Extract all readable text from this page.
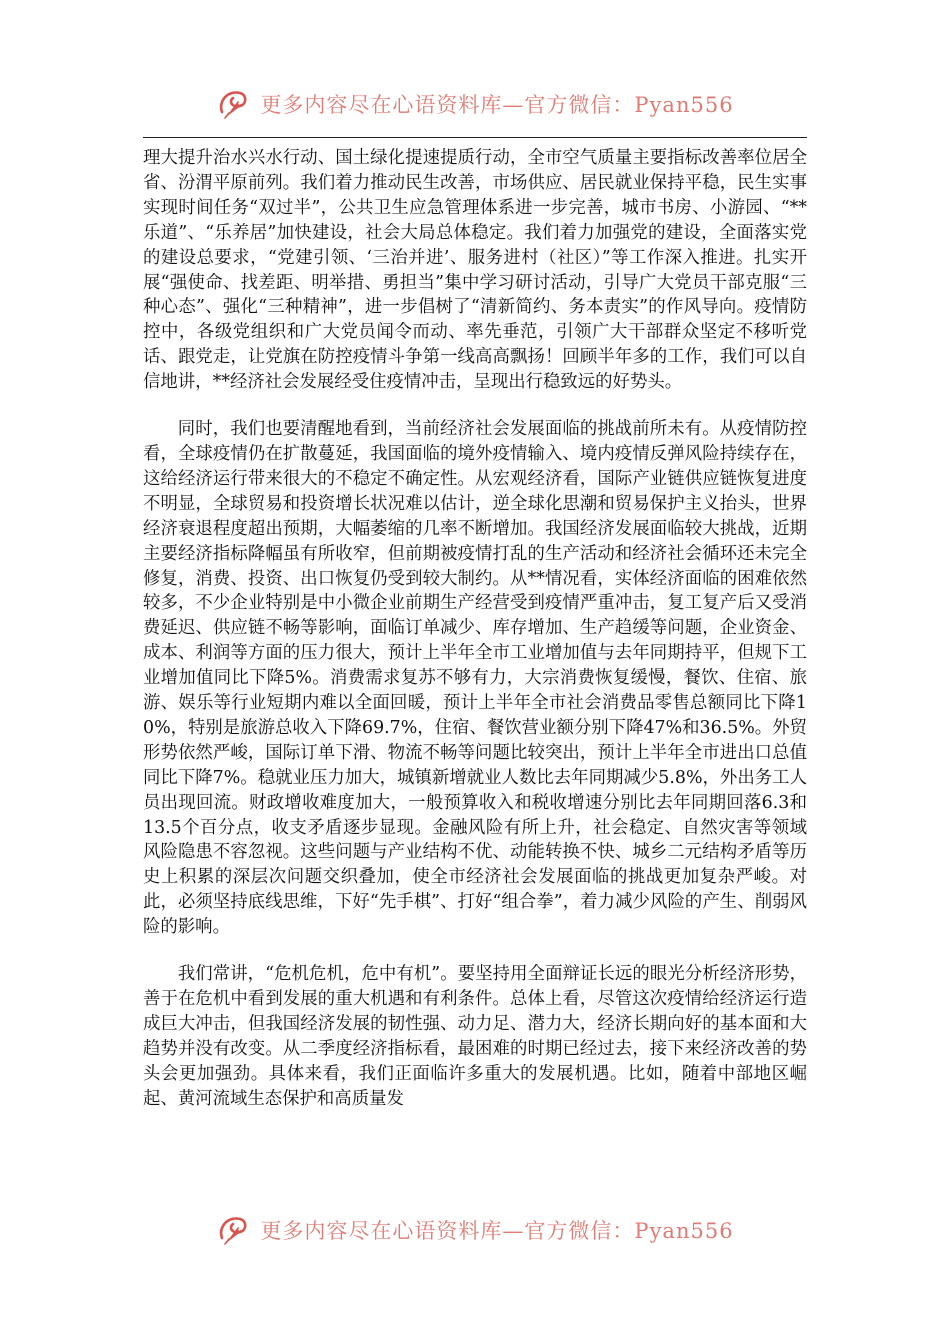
更多内容尽在心语资料库—官方微信：Pyan556

理大提升治水兴水行动、国土绿化提速提质行动，全市空气质量主要指标改善率位居全省、汾渭平原前列。我们着力推动民生改善，市场供应、居民就业保持平稳，民生实事实现时间任务“双过半”，公共卫生应急管理体系进一步完善，城市书房、小游园、“**乐道”、“乐养居”加快建设，社会大局总体稳定。我们着力加强党的建设，全面落实党的建设总要求，“党建引领、‘三治并进’、服务进村（社区）”等工作深入推进。扎实开展“强使命、找差距、明举措、勇担当”集中学习研讨活动，引导广大党员干部克服“三种心态”、强化“三种精神”，进一步倡树了“清新简约、务本责实”的作风导向。疫情防控中，各级党组织和广大党员闻令而动、率先垂范，引领广大干部群众坚定不移听党话、跟党走，让党旗在防控疫情斗争第一线高高飘扬！回顾半年多的工作，我们可以自信地讲，**经济社会发展经受住疫情冲击，呈现出行稳致远的好势头。

同时，我们也要清醒地看到，当前经济社会发展面临的挑战前所未有。从疫情防控看，全球疫情仍在扩散蔓延，我国面临的境外疫情输入、境内疫情反弹风险持续存在，这给经济运行带来很大的不稳定不确定性。从宏观经济看，国际产业链供应链恢复进度不明显，全球贸易和投资增长状况难以估计，逆全球化思潮和贸易保护主义抬头，世界经济衰退程度超出预期，大幅萎缩的几率不断增加。我国经济发展面临较大挑战，近期主要经济指标降幅虽有所收窄，但前期被疫情打乱的生产活动和经济社会循环还未完全修复，消费、投资、出口恢复仍受到较大制约。从**情况看，实体经济面临的困难依然较多，不少企业特别是中小微企业前期生产经营受到疫情严重冲击，复工复产后又受消费延迟、供应链不畅等影响，面临订单减少、库存增加、生产趋缓等问题，企业资金、成本、利润等方面的压力很大，预计上半年全市工业增加值与去年同期持平，但规下工业增加值同比下降5%。消费需求复苏不够有力，大宗消费恢复缓慢，餐饮、住宿、旅游、娱乐等行业短期内难以全面回暖，预计上半年全市社会消费品零售总额同比下降10%，特别是旅游总收入下降69.7%，住宿、餐饮营业额分别下降47%和36.5%。外贸形势依然严峻，国际订单下滑、物流不畅等问题比较突出，预计上半年全市进出口总值同比下降7%。稳就业压力加大，城镇新增就业人数比去年同期减少5.8%，外出务工人员出现回流。财政增收难度加大，一般预算收入和税收增速分别比去年同期回落6.3和13.5个百分点，收支矛盾逐步显现。金融风险有所上升，社会稳定、自然灾害等领域风险隐患不容忽视。这些问题与产业结构不优、动能转换不快、城乡二元结构矛盾等历史上积累的深层次问题交织叠加，使全市经济社会发展面临的挑战更加复杂严峻。对此，必须坚持底线思维，下好“先手棋”、打好“组合拳”，着力减少风险的产生、削弱风险的影响。

我们常讲，“危机危机，危中有机”。要坚持用全面辩证长远的眼光分析经济形势，善于在危机中看到发展的重大机遇和有利条件。总体上看，尽管这次疫情给经济运行造成巨大冲击，但我国经济发展的韧性强、动力足、潜力大，经济长期向好的基本面和大趋势并没有改变。从二季度经济指标看，最困难的时期已经过去，接下来经济改善的势头会更加强劲。具体来看，我们正面临许多重大的发展机遇。比如，随着中部地区崛起、黄河流域生态保护和高质量发

更多内容尽在心语资料库—官方微信：Pyan556
